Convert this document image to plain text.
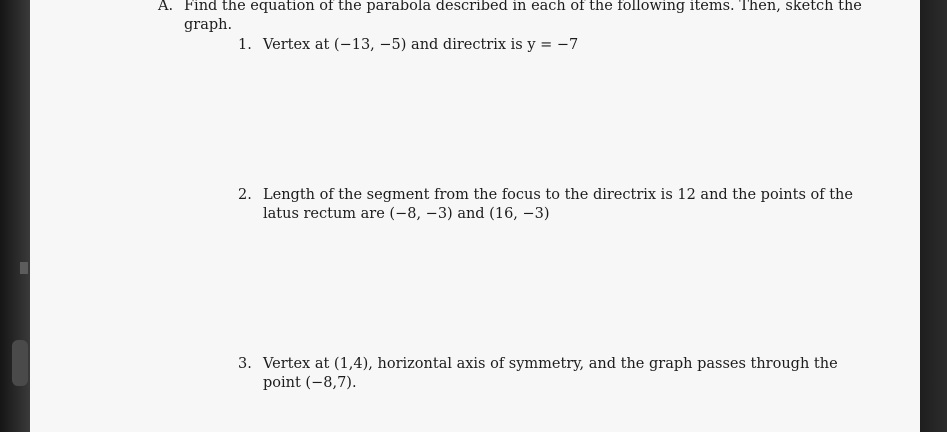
A. Find the equation of the parabola described in each of the following items. Then, sketch the
graph.
1. Vertex at (−13, −5) and directrix is y = −7
2. Length of the segment from the focus to the directrix is 12 and the points of the
latus rectum are (−8, −3) and (16, −3)
3. Vertex at (1,4), horizontal axis of symmetry, and the graph passes through the
point (−8,7).
